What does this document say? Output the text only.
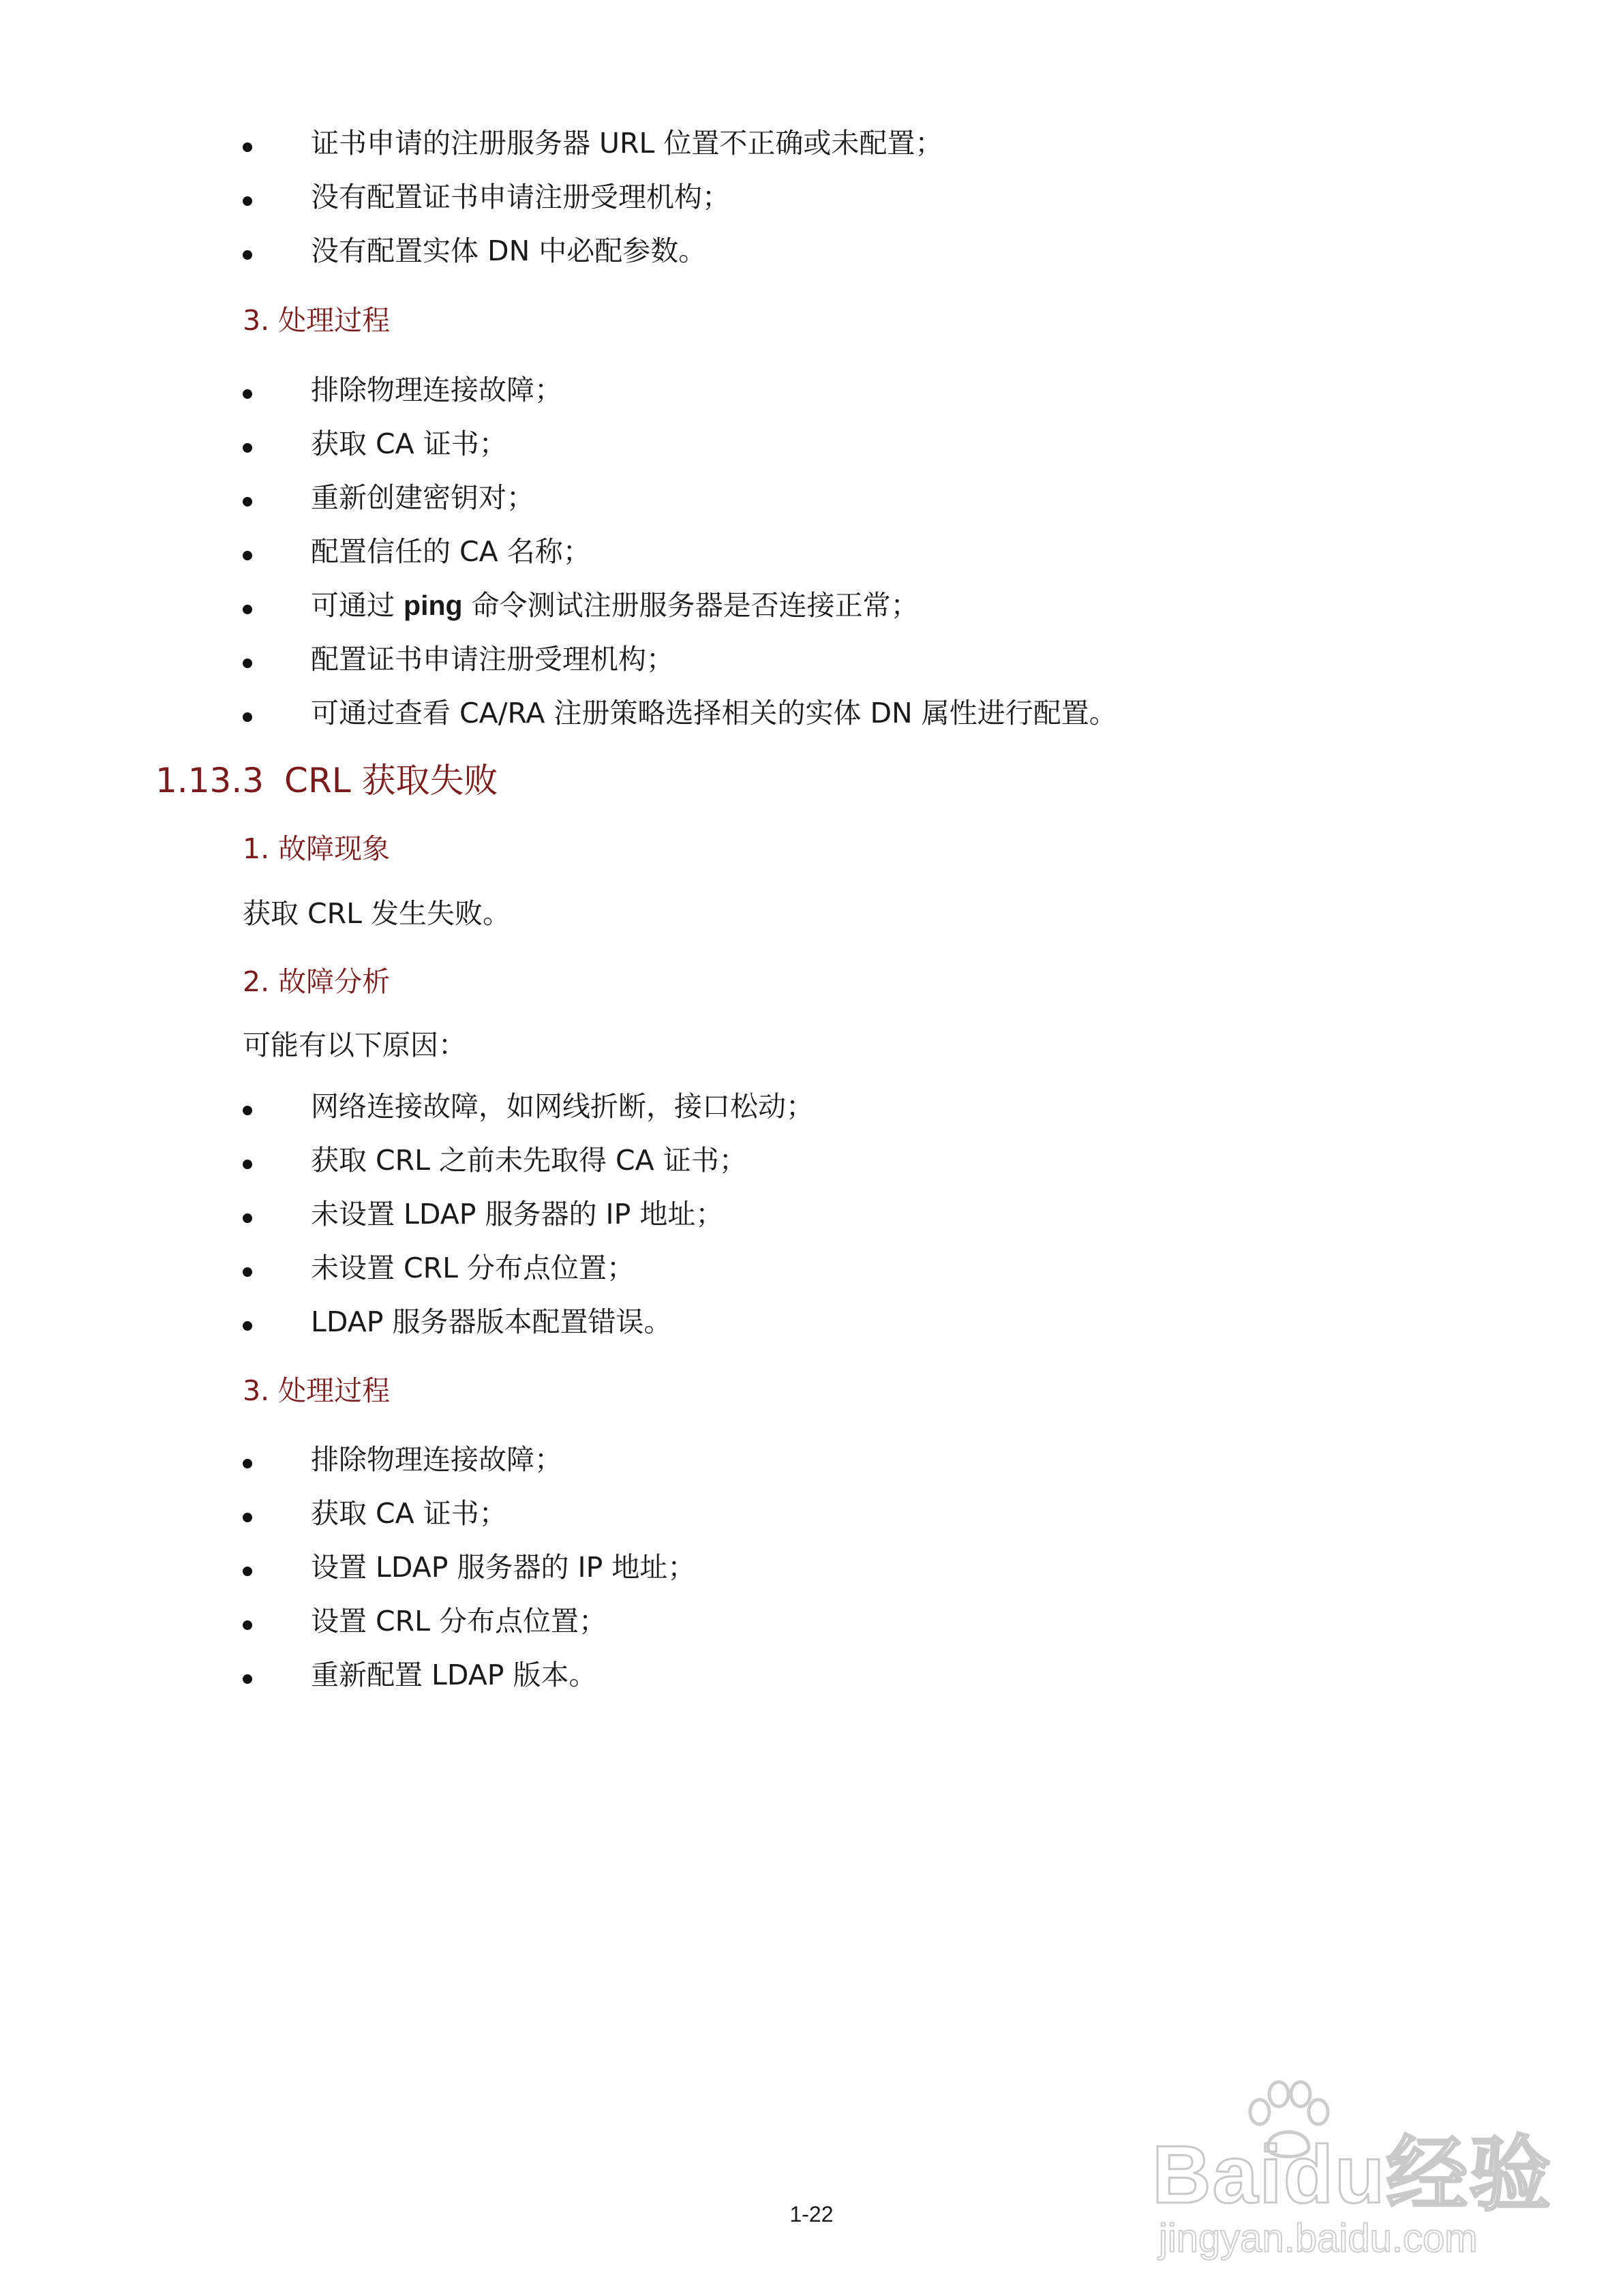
证书申请的注册服务器 URL 位置不正确或未配置；
没有配置证书申请注册受理机构；
没有配置实体 DN 中必配参数。
3. 处理过程
排除物理连接故障；
获取 CA 证书；
重新创建密钥对；
配置信任的 CA 名称；
可通过 ping 命令测试注册服务器是否连接正常；
配置证书申请注册受理机构；
可通过查看 CA/RA 注册策略选择相关的实体 DN 属性进行配置。
1.13.3 CRL 获取失败
1. 故障现象
获取 CRL 发生失败。
2. 故障分析
可能有以下原因：
网络连接故障，如网线折断，接口松动；
获取 CRL 之前未先取得 CA 证书；
未设置 LDAP 服务器的 IP 地址；
未设置 CRL 分布点位置；
LDAP 服务器版本配置错误。
3. 处理过程
排除物理连接故障；
获取 CA 证书；
设置 LDAP 服务器的 IP 地址；
设置 CRL 分布点位置；
重新配置 LDAP 版本。
Baidu经验
jingyan.baidu.com
1-22
